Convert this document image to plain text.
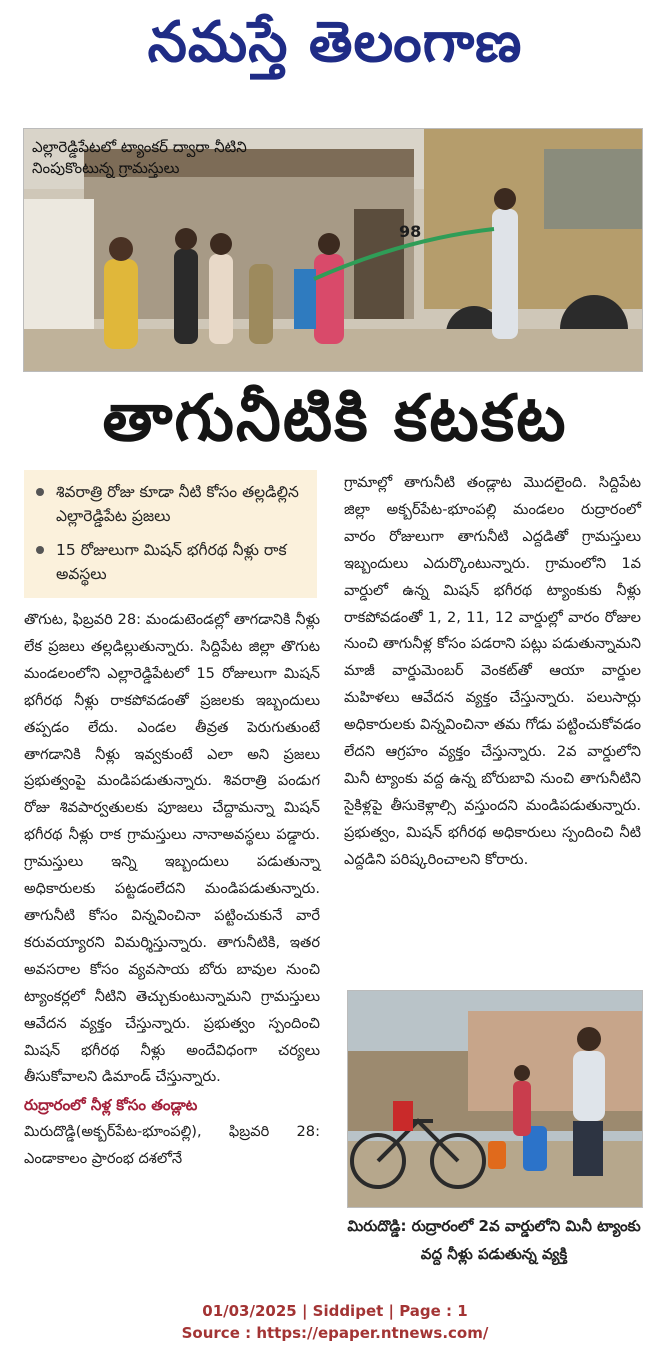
నమస్తే తెలంగాణ
98
ఎల్లారెడ్డిపేటలో ట్యాంకర్ ద్వారా నీటిని నింపుకొంటున్న గ్రామస్తులు
తాగునీటికి కటకట
శివరాత్రి రోజు కూడా నీటి కోసం తల్లడిల్లిన ఎల్లారెడ్డిపేట ప్రజలు
15 రోజులుగా మిషన్ భగీరథ నీళ్లు రాక అవస్థలు

తొగుట, ఫిబ్రవరి 28: మండుటెండల్లో తాగడానికి నీళ్లు లేక ప్రజలు తల్లడిల్లుతున్నారు. సిద్దిపేట జిల్లా తొగుట మండలంలోని ఎల్లారెడ్డిపేటలో 15 రోజులుగా మిషన్ భగీరథ నీళ్లు రాకపోవడంతో ప్రజలకు ఇబ్బందులు తప్పడం లేదు. ఎండల తీవ్రత పెరుగుతుంటే తాగడానికి నీళ్లు ఇవ్వకుంటే ఎలా అని ప్రజలు ప్రభుత్వంపై మండిపడుతున్నారు. శివరాత్రి పండుగ రోజు శివపార్వతులకు పూజలు చేద్దామన్నా మిషన్ భగీరథ నీళ్లు రాక గ్రామస్తులు నానాఅవస్థలు పడ్డారు. గ్రామస్తులు ఇన్ని ఇబ్బందులు పడుతున్నా అధికారులకు పట్టడంలేదని మండిపడుతున్నారు. తాగునీటి కోసం విన్నవించినా పట్టించుకునే వారే కరువయ్యారని విమర్శిస్తున్నారు. తాగునీటికి, ఇతర అవసరాల కోసం వ్యవసాయ బోరు బావుల నుంచి ట్యాంకర్లలో నీటిని తెచ్చుకుంటున్నామని గ్రామస్తులు ఆవేదన వ్యక్తం చేస్తున్నారు. ప్రభుత్వం స్పందించి మిషన్ భగీరథ నీళ్లు అందేవిధంగా చర్యలు తీసుకోవాలని డిమాండ్ చేస్తున్నారు.

రుద్రారంలో నీళ్ల కోసం తండ్లాట

మిరుదొడ్డి(అక్బర్‌పేట-భూంపల్లి), ఫిబ్రవరి 28: ఎండాకాలం ప్రారంభ దశలోనే

గ్రామాల్లో తాగునీటి తండ్లాట మొదలైంది. సిద్దిపేట జిల్లా అక్బర్‌పేట-భూంపల్లి మండలం రుద్రారంలో వారం రోజులుగా తాగునీటి ఎద్దడితో గ్రామస్తులు ఇబ్బందులు ఎదుర్కొంటున్నారు. గ్రామంలోని 1వ వార్డులో ఉన్న మిషన్ భగీరథ ట్యాంకుకు నీళ్లు రాకపోవడంతో 1, 2, 11, 12 వార్డుల్లో వారం రోజుల నుంచి తాగునీళ్ల కోసం పడరాని పట్లు పడుతున్నామని మాజీ వార్డుమెంబర్ వెంకట్‌తో ఆయా వార్డుల మహిళలు ఆవేదన వ్యక్తం చేస్తున్నారు. పలుసార్లు అధికారులకు విన్నవించినా తమ గోడు పట్టించుకోవడం లేదని ఆగ్రహం వ్యక్తం చేస్తున్నారు. 2వ వార్డులోని మినీ ట్యాంకు వద్ద ఉన్న బోరుబావి నుంచి తాగునీటిని సైకిళ్లపై తీసుకెళ్లాల్సి వస్తుందని మండిపడుతున్నారు. ప్రభుత్వం, మిషన్ భగీరథ అధికారులు స్పందించి నీటి ఎద్దడిని పరిష్కరించాలని కోరారు.

మిరుదొడ్డి: రుద్రారంలో 2వ వార్డులోని మినీ ట్యాంకు వద్ద నీళ్లు పడుతున్న వ్యక్తి
01/03/2025 | Siddipet | Page : 1
Source : https://epaper.ntnews.com/
